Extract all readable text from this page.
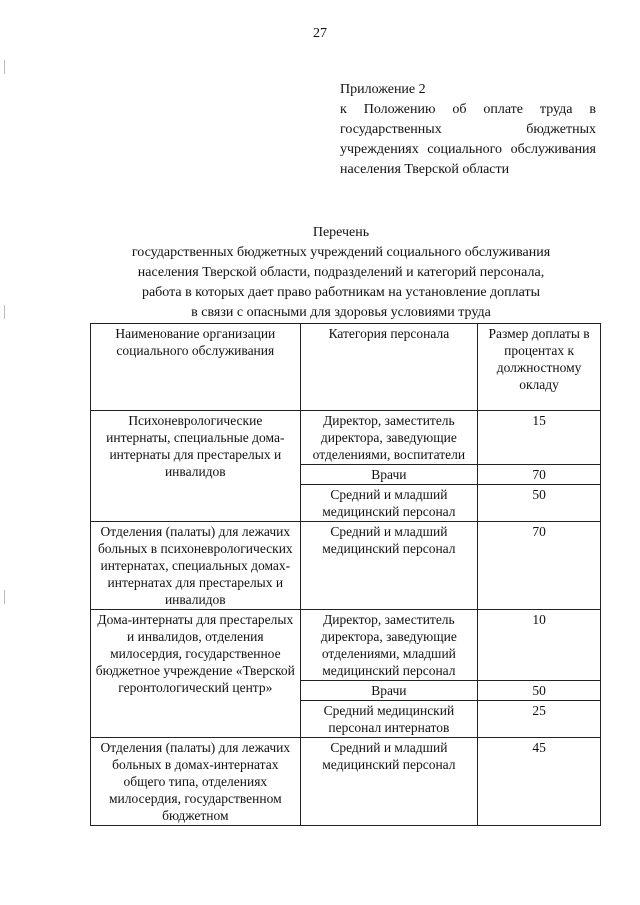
27
Приложение 2
к Положению об оплате труда в государственных бюджетных учреждениях социального обслуживания населения Тверской области
Перечень
государственных бюджетных учреждений социального обслуживания
населения Тверской области, подразделений и категорий персонала,
работа в которых дает право работникам на установление доплаты
в связи с опасными для здоровья условиями труда
Наименование организации социального обслуживания	Категория персонала	Размер доплаты в процентах к должностному окладу
Психоневрологические интернаты, специальные дома-интернаты для престарелых и инвалидов	Директор, заместитель директора, заведующие отделениями, воспитатели	15
	Врачи	70
	Средний и младший медицинский персонал	50
Отделения (палаты) для лежачих больных в психоневрологических интернатах, специальных домах-интернатах для престарелых и инвалидов	Средний и младший медицинский персонал	70
Дома-интернаты для престарелых и инвалидов, отделения милосердия, государственное бюджетное учреждение «Тверской геронтологический центр»	Директор, заместитель директора, заведующие отделениями, младший медицинский персонал	10
	Врачи	50
	Средний медицинский персонал интернатов	25
Отделения (палаты) для лежачих больных в домах-интернатах общего типа, отделениях милосердия, государственном бюджетном	Средний и младший медицинский персонал	45
